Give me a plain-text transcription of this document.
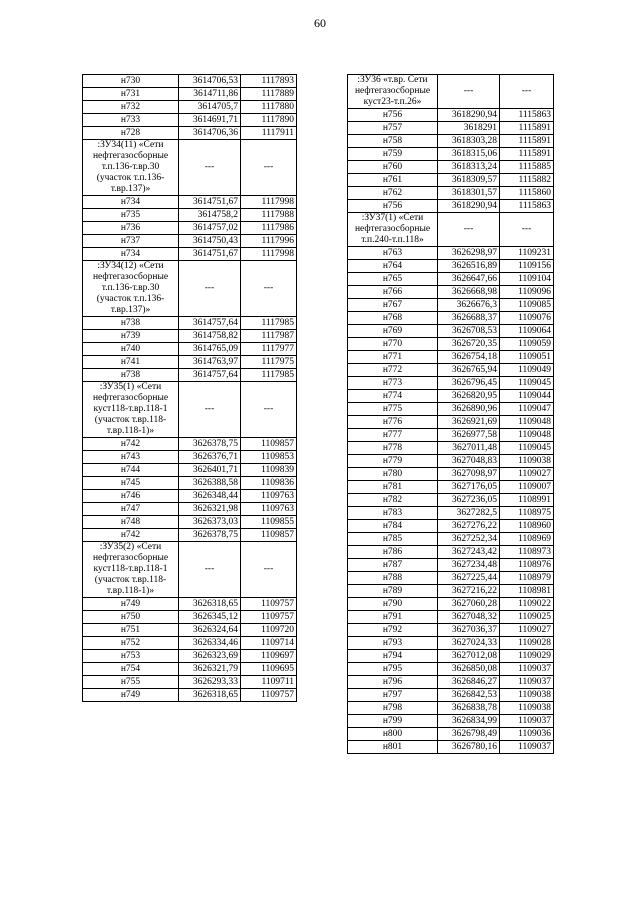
60
н730	3614706,53	1117893
н731	3614711,86	1117889
н732	3614705,7	1117880
н733	3614691,71	1117890
н728	3614706,36	1117911
:ЗУ34(11) «Сети нефтегазосборные т.п.136-т.вр.30 (участок т.п.136-т.вр.137)»	---	---
н734	3614751,67	1117998
н735	3614758,2	1117988
н736	3614757,02	1117986
н737	3614750,43	1117996
н734	3614751,67	1117998
:ЗУ34(12) «Сети нефтегазосборные т.п.136-т.вр.30 (участок т.п.136-т.вр.137)»	---	---
н738	3614757,64	1117985
н739	3614758,82	1117987
н740	3614765,09	1117977
н741	3614763,97	1117975
н738	3614757,64	1117985
:ЗУ35(1) «Сети нефтегазосборные куст118-т.вр.118-1 (участок т.вр.118-т.вр.118-1)»	---	---
н742	3626378,75	1109857
н743	3626376,71	1109853
н744	3626401,71	1109839
н745	3626388,58	1109836
н746	3626348,44	1109763
н747	3626321,98	1109763
н748	3626373,03	1109855
н742	3626378,75	1109857
:ЗУ35(2) «Сети нефтегазосборные куст118-т.вр.118-1 (участок т.вр.118-т.вр.118-1)»	---	---
н749	3626318,65	1109757
н750	3626345,12	1109757
н751	3626324,64	1109720
н752	3626334,46	1109714
н753	3626323,69	1109697
н754	3626321,79	1109695
н755	3626293,33	1109711
н749	3626318,65	1109757
:ЗУ36 «т.вр. Сети нефтегазосборные куст23-т.п.26»	---	---
н756	3618290,94	1115863
н757	3618291	1115891
н758	3618303,28	1115891
н759	3618315,06	1115891
н760	3618313,24	1115885
н761	3618309,57	1115882
н762	3618301,57	1115860
н756	3618290,94	1115863
:ЗУ37(1) «Сети нефтегазосборные т.п.240-т.п.118»	---	---
н763	3626298,97	1109231
н764	3626516,89	1109156
н765	3626647,66	1109104
н766	3626668,98	1109096
н767	3626676,3	1109085
н768	3626688,37	1109076
н769	3626708,53	1109064
н770	3626720,35	1109059
н771	3626754,18	1109051
н772	3626765,94	1109049
н773	3626796,45	1109045
н774	3626820,95	1109044
н775	3626890,96	1109047
н776	3626921,69	1109048
н777	3626977,58	1109048
н778	3627011,48	1109045
н779	3627048,83	1109038
н780	3627098,97	1109027
н781	3627176,05	1109007
н782	3627236,05	1108991
н783	3627282,5	1108975
н784	3627276,22	1108960
н785	3627252,34	1108969
н786	3627243,42	1108973
н787	3627234,48	1108976
н788	3627225,44	1108979
н789	3627216,22	1108981
н790	3627060,28	1109022
н791	3627048,32	1109025
н792	3627036,37	1109027
н793	3627024,33	1109028
н794	3627012,08	1109029
н795	3626850,08	1109037
н796	3626846,27	1109037
н797	3626842,53	1109038
н798	3626838,78	1109038
н799	3626834,99	1109037
н800	3626798,49	1109036
н801	3626780,16	1109037
